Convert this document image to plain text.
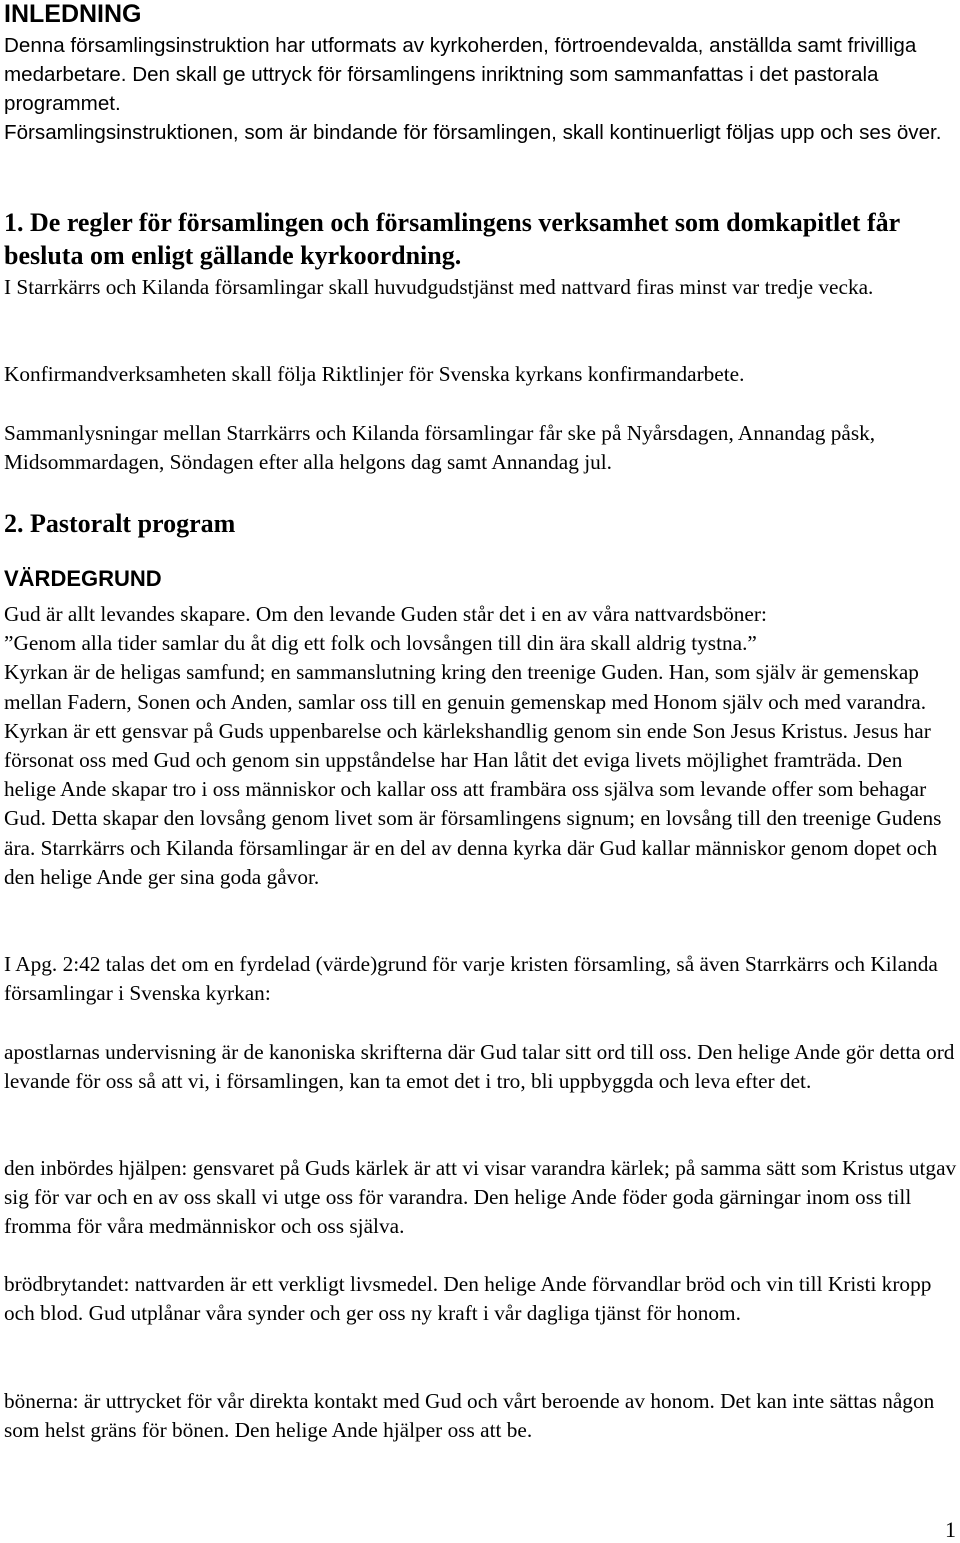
INLEDNING

Denna församlingsinstruktion har utformats av kyrkoherden, förtroendevalda, anställda samt frivilliga medarbetare. Den skall ge uttryck för församlingens inriktning som sammanfattas i det pastorala programmet.

Församlingsinstruktionen, som är bindande för församlingen, skall kontinuerligt följas upp och ses över.

1. De regler för församlingen och församlingens verksamhet som domkapitlet får besluta om enligt gällande kyrkoordning.

I Starrkärrs och Kilanda församlingar skall huvudgudstjänst med nattvard firas minst var tredje vecka.

Konfirmandverksamheten skall följa Riktlinjer för Svenska kyrkans konfirmandarbete.

Sammanlysningar mellan Starrkärrs och Kilanda församlingar får ske på Nyårsdagen, Annandag påsk, Midsommardagen, Söndagen efter alla helgons dag samt Annandag jul.

2. Pastoralt program
VÄRDEGRUND
Gud är allt levandes skapare. Om den levande Guden står det i en av våra nattvardsböner:
”Genom alla tider samlar du åt dig ett folk och lovsången till din ära skall aldrig tystna.”
Kyrkan är de heligas samfund; en sammanslutning kring den treenige Guden. Han, som själv är gemenskap mellan Fadern, Sonen och Anden, samlar oss till en genuin gemenskap med Honom själv och med varandra. Kyrkan är ett gensvar på Guds uppenbarelse och kärlekshandlig genom sin ende Son Jesus Kristus. Jesus har försonat oss med Gud och genom sin uppståndelse har Han låtit det eviga livets möjlighet framträda. Den helige Ande skapar tro i oss människor och kallar oss att frambära oss själva som levande offer som behagar Gud. Detta skapar den lovsång genom livet som är församlingens signum; en lovsång till den treenige Gudens ära. Starrkärrs och Kilanda församlingar är en del av denna kyrka där Gud kallar människor genom dopet och den helige Ande ger sina goda gåvor.

I Apg. 2:42 talas det om en fyrdelad (värde)grund för varje kristen församling, så även Starrkärrs och Kilanda församlingar i Svenska kyrkan:

apostlarnas undervisning är de kanoniska skrifterna där Gud talar sitt ord till oss. Den helige Ande gör detta ord levande för oss så att vi, i församlingen, kan ta emot det i tro, bli uppbyggda och leva efter det.

den inbördes hjälpen: gensvaret på Guds kärlek är att vi visar varandra kärlek; på samma sätt som Kristus utgav sig för var och en av oss skall vi utge oss för varandra. Den helige Ande föder goda gärningar inom oss till fromma för våra medmänniskor och oss själva.

brödbrytandet: nattvarden är ett verkligt livsmedel. Den helige Ande förvandlar bröd och vin till Kristi kropp och blod. Gud utplånar våra synder och ger oss ny kraft i vår dagliga tjänst för honom.

bönerna: är uttrycket för vår direkta kontakt med Gud och vårt beroende av honom. Det kan inte sättas någon som helst gräns för bönen. Den helige Ande hjälper oss att be.

1
